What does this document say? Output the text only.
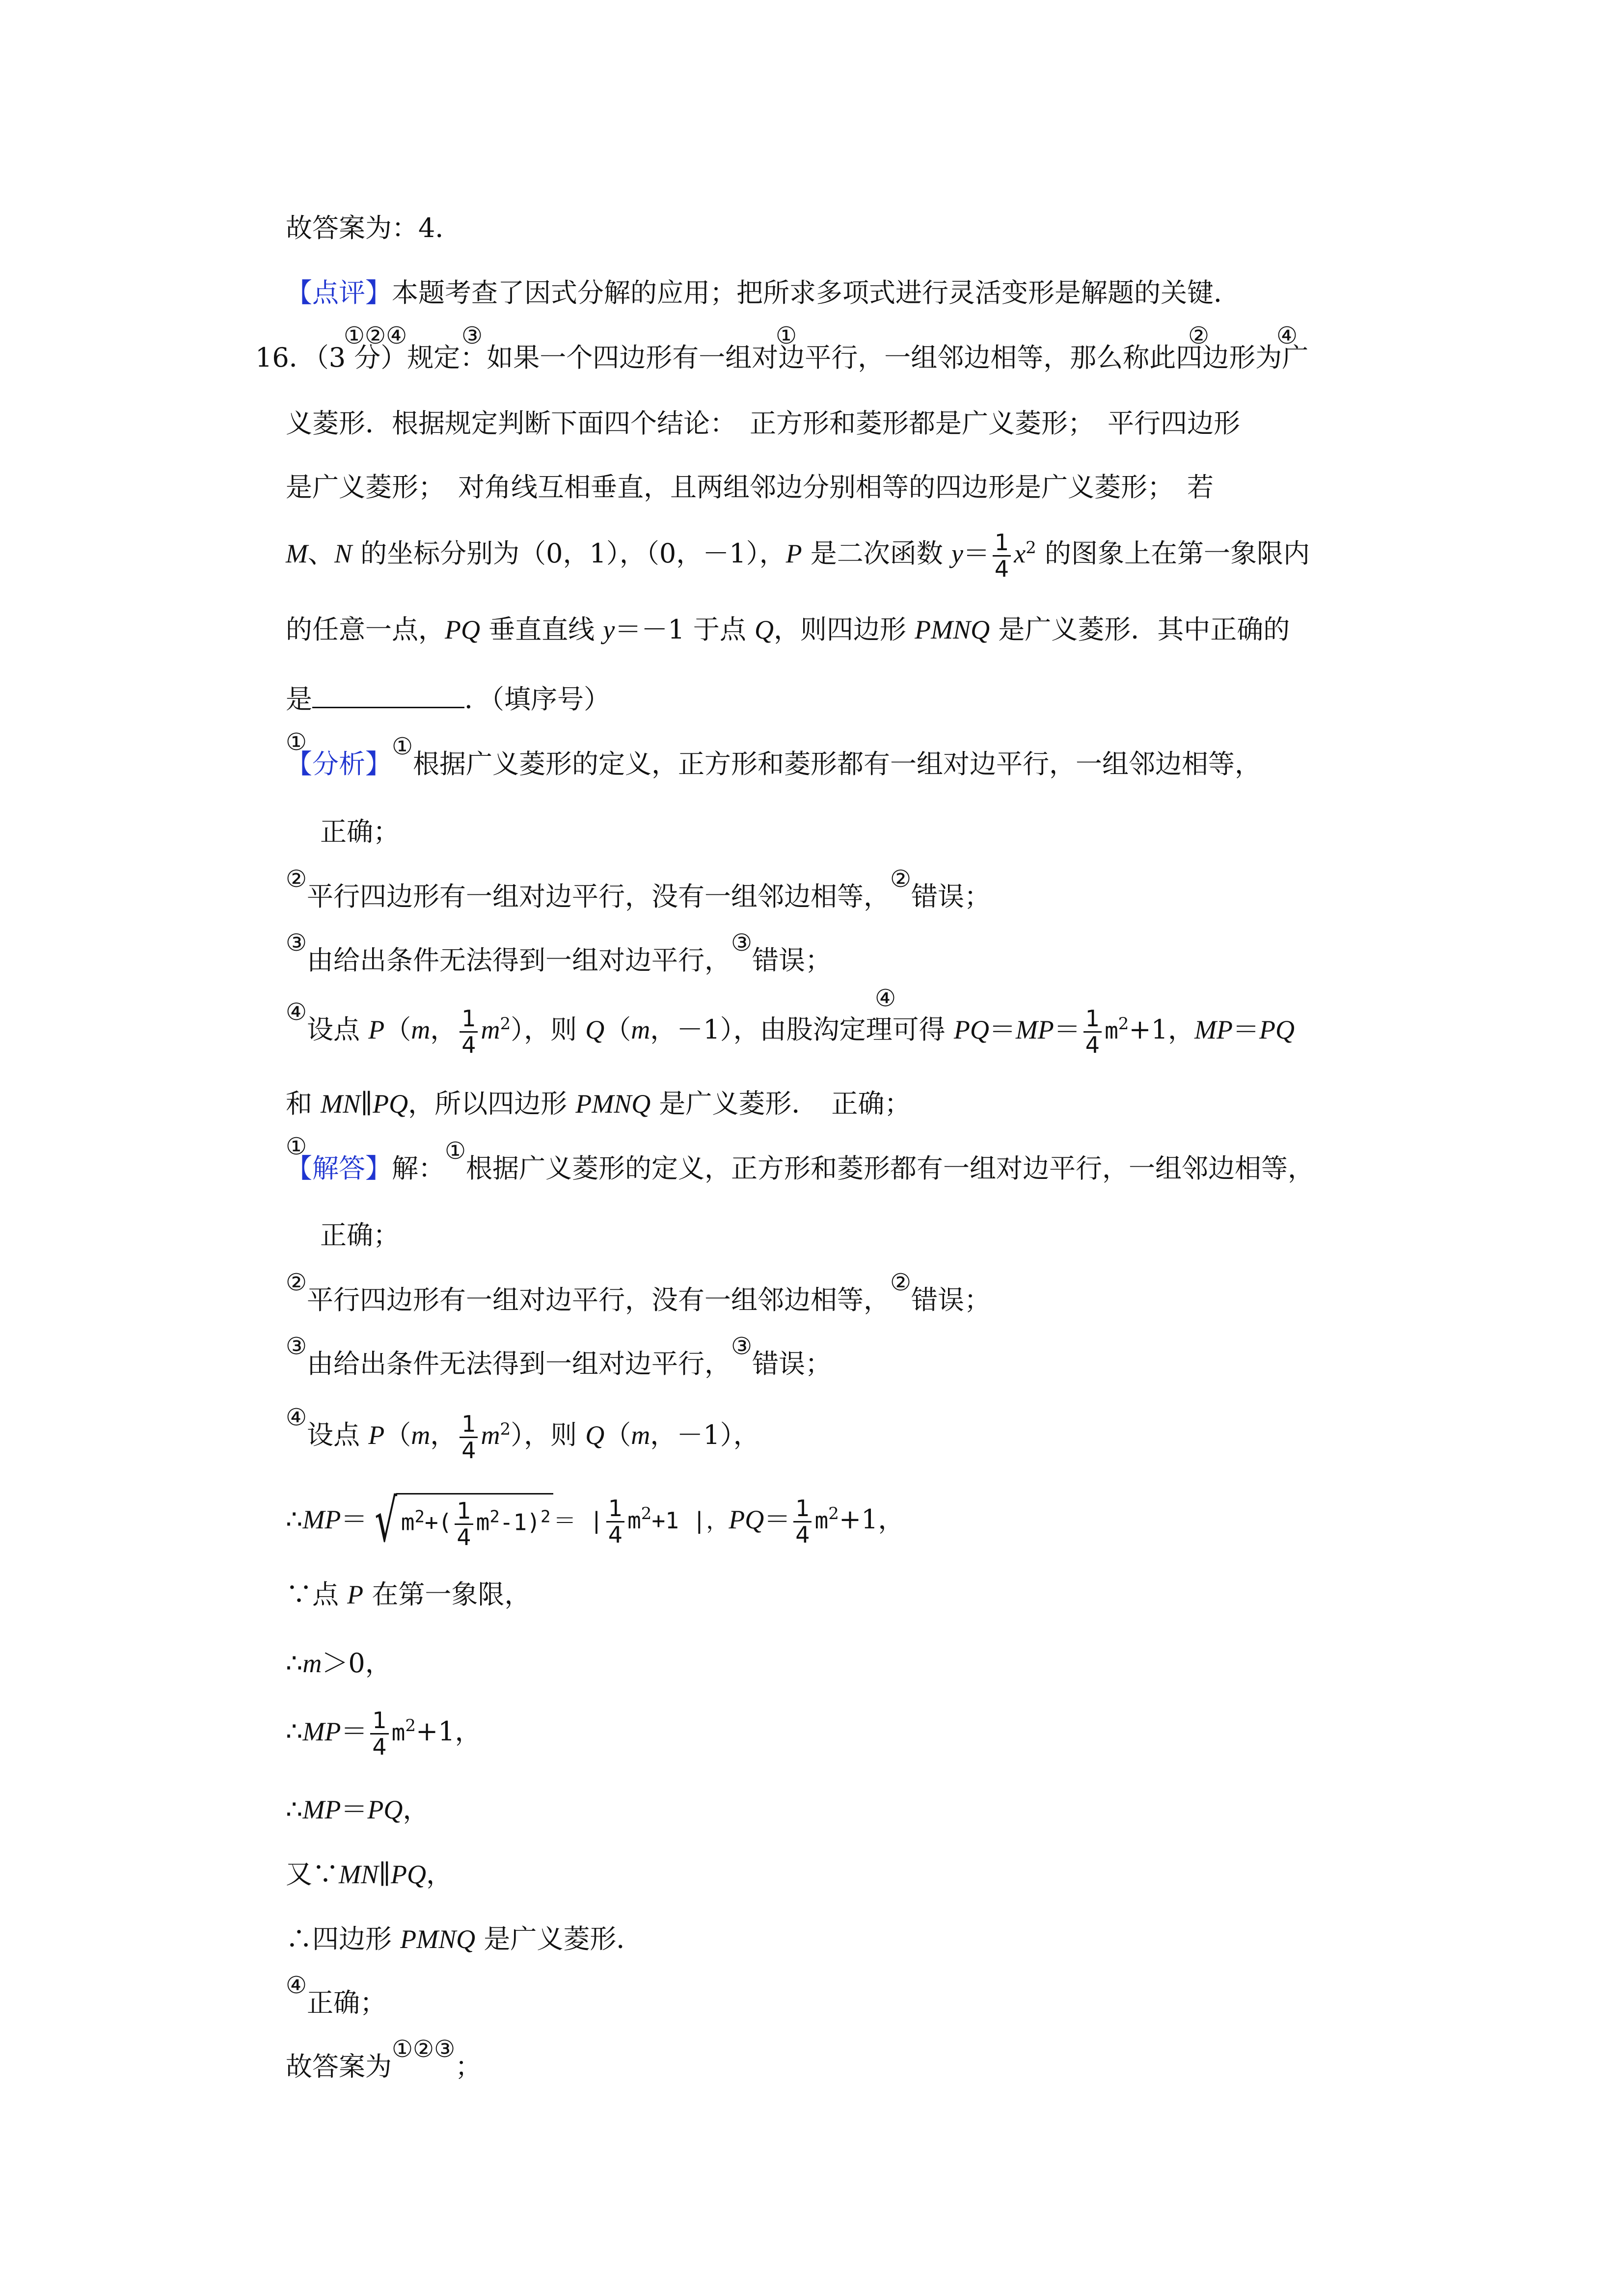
故答案为：4．
【点评】本题考查了因式分解的应用；把所求多项式进行灵活变形是解题的关键．
①②④ ③	①	②	④
16．（3 分）规定：如果一个四边形有一组对边平行，一组邻边相等，那么称此四边形为广
义菱形．根据规定判断下面四个结论：　正方形和菱形都是广义菱形；　平行四边形
是广义菱形；　对角线互相垂直，且两组邻边分别相等的四边形是广义菱形；　若
M、N 的坐标分别为（0，1），（0，－1），P 是二次函数 $y= \frac{1}{4} x^2$ 的图象上在第一象限内
的任意一点，PQ 垂直直线 y＝－1 于点 Q，则四边形 PMNQ 是广义菱形．其中正确的
是	．（填序号）
①
【分析】①根据广义菱形的定义，正方形和菱形都有一组对边平行，一组邻边相等，
正确；
②平行四边形有一组对边平行，没有一组邻边相等，②错误；
③由给出条件无法得到一组对边平行，③错误；
④
④设点 P（m， $\frac{1}{4} m^2$），则 Q（m，－1），由股沟定理可得 $PQ=MP= \frac{1}{4} m^2+1$，MP＝PQ
和 MN∥PQ，所以四边形 PMNQ 是广义菱形．　正确；
①
【解答】解：①根据广义菱形的定义，正方形和菱形都有一组对边平行，一组邻边相等，
正确；
②平行四边形有一组对边平行，没有一组邻边相等，②错误；
③由给出条件无法得到一组对边平行，③错误；
④设点 P（m， $\frac{1}{4} m^2$），则 Q（m，－1），
∴MP＝ √ $m^2+( \frac{1}{4} m^2-1)^2$ ＝ | $\frac{1}{4} m^2+1$ |，$PQ= \frac{1}{4} m^2+1$，
∵点 P 在第一象限，
∴m＞0，
∴MP＝ $\frac{1}{4} m^2+1$，
∴MP＝PQ，
又∵MN∥PQ，
∴四边形 PMNQ 是广义菱形．
④正确；
故答案为①②③；
